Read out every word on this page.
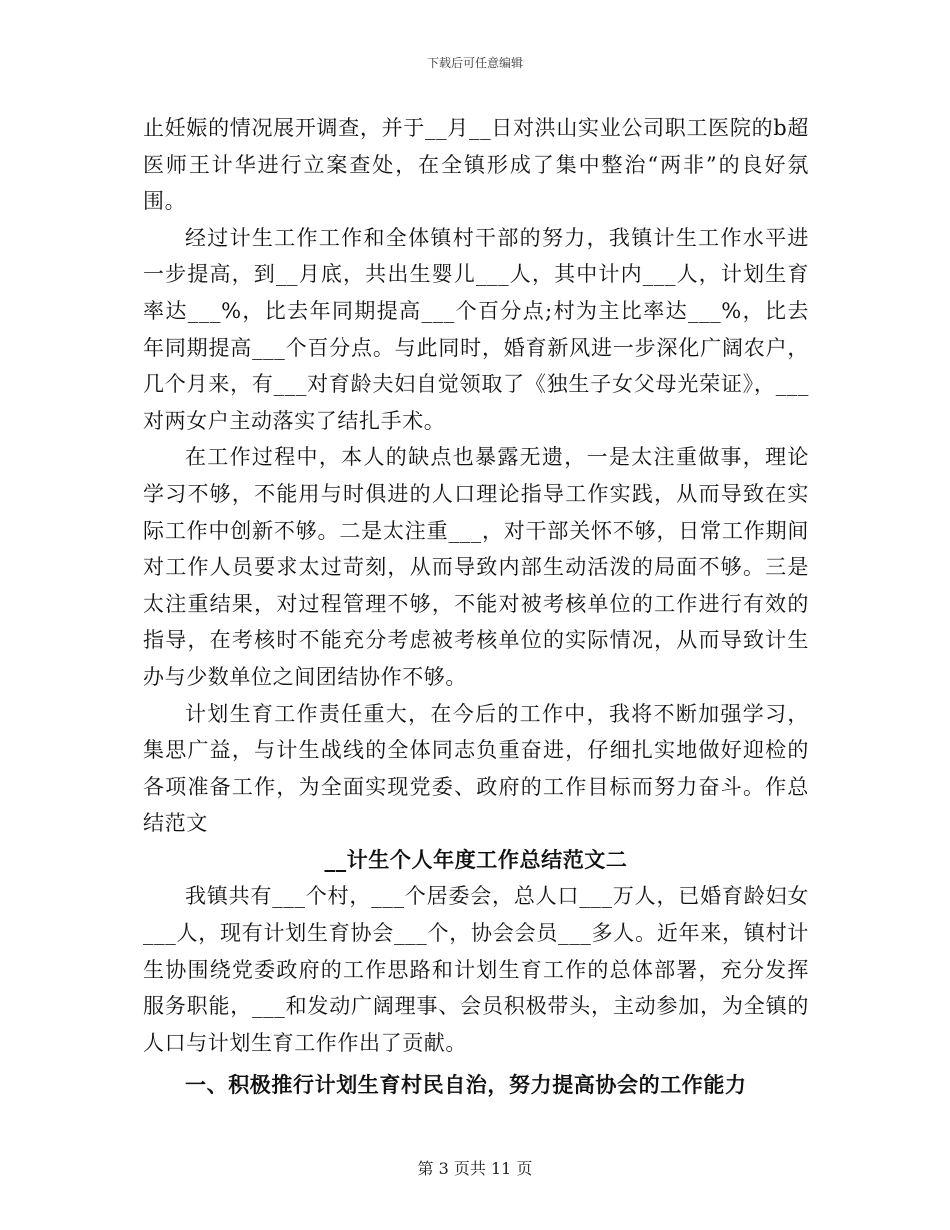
下载后可任意编辑

止妊娠的情况展开调查，并于__月__日对洪山实业公司职工医院的b超医师王计华进行立案查处，在全镇形成了集中整治“两非”的良好氛围。

经过计生工作工作和全体镇村干部的努力，我镇计生工作水平进一步提高，到__月底，共出生婴儿___人，其中计内___人，计划生育率达___%，比去年同期提高___个百分点;村为主比率达___%，比去年同期提高___个百分点。与此同时，婚育新风进一步深化广阔农户，几个月来，有___对育龄夫妇自觉领取了《独生子女父母光荣证》，___对两女户主动落实了结扎手术。

在工作过程中，本人的缺点也暴露无遗，一是太注重做事，理论学习不够，不能用与时俱进的人口理论指导工作实践，从而导致在实际工作中创新不够。二是太注重___，对干部关怀不够，日常工作期间对工作人员要求太过苛刻，从而导致内部生动活泼的局面不够。三是太注重结果，对过程管理不够，不能对被考核单位的工作进行有效的指导，在考核时不能充分考虑被考核单位的实际情况，从而导致计生办与少数单位之间团结协作不够。

计划生育工作责任重大，在今后的工作中，我将不断加强学习，集思广益，与计生战线的全体同志负重奋进，仔细扎实地做好迎检的各项准备工作，为全面实现党委、政府的工作目标而努力奋斗。作总结范文

__计生个人年度工作总结范文二

我镇共有___个村，___个居委会，总人口___万人，已婚育龄妇女___人，现有计划生育协会___个，协会会员___多人。近年来，镇村计生协围绕党委政府的工作思路和计划生育工作的总体部署，充分发挥服务职能，___和发动广阔理事、会员积极带头，主动参加，为全镇的人口与计划生育工作作出了贡献。

一、积极推行计划生育村民自治，努力提高协会的工作能力

第 3 页共 11 页
